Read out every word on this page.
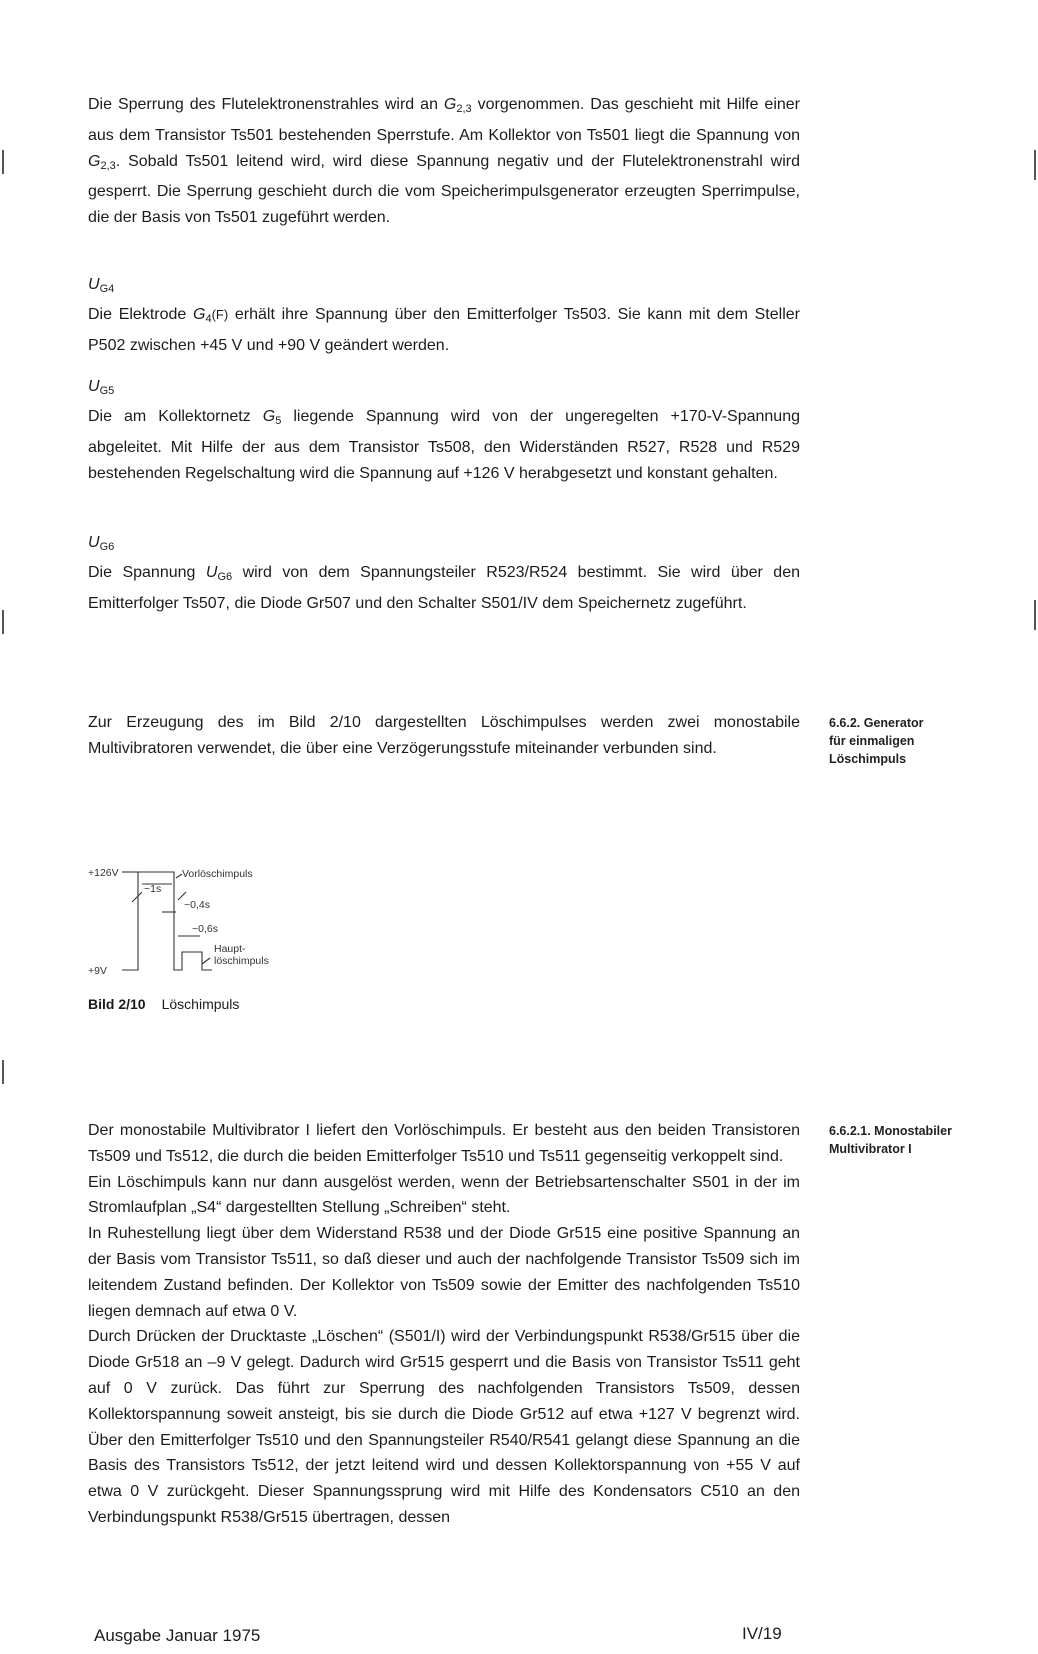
Die Sperrung des Flutelektronenstrahles wird an $G_{2,3}$ vorgenommen. Das geschieht mit Hilfe einer aus dem Transistor Ts501 bestehenden Sperrstufe. Am Kollektor von Ts501 liegt die Spannung von $G_{2,3}$. Sobald Ts501 leitend wird, wird diese Spannung negativ und der Flutelektronenstrahl wird gesperrt. Die Sperrung geschieht durch die vom Speicherimpulsgenerator erzeugten Sperrimpulse, die der Basis von Ts501 zugeführt werden.

$U_{G4}$

Die Elektrode $G_4(F)$ erhält ihre Spannung über den Emitterfolger Ts503. Sie kann mit dem Steller P502 zwischen +45 V und +90 V geändert werden.

$U_{G5}$

Die am Kollektornetz $G_5$ liegende Spannung wird von der ungeregelten +170-V-Spannung abgeleitet. Mit Hilfe der aus dem Transistor Ts508, den Widerständen R527, R528 und R529 bestehenden Regelschaltung wird die Spannung auf +126 V herabgesetzt und konstant gehalten.

$U_{G6}$

Die Spannung $U_{G6}$ wird von dem Spannungsteiler R523/R524 bestimmt. Sie wird über den Emitterfolger Ts507, die Diode Gr507 und den Schalter S501/IV dem Speichernetz zugeführt.

Zur Erzeugung des im Bild 2/10 dargestellten Löschimpulses werden zwei monostabile Multivibratoren verwendet, die über eine Verzögerungsstufe miteinander verbunden sind.

6.6.2. Generator
für einmaligen
Löschimpuls
+126V
+9V
~1s
Vorlöschimpuls
~0,4s
~0,6s
Haupt-
löschimpuls
Bild 2/10 Löschimpuls
6.6.2.1. Monostabiler
Multivibrator I

Der monostabile Multivibrator I liefert den Vorlöschimpuls. Er besteht aus den beiden Transistoren Ts509 und Ts512, die durch die beiden Emitterfolger Ts510 und Ts511 gegenseitig verkoppelt sind.

Ein Löschimpuls kann nur dann ausgelöst werden, wenn der Betriebsartenschalter S501 in der im Stromlaufplan „S4“ dargestellten Stellung „Schreiben“ steht.

In Ruhestellung liegt über dem Widerstand R538 und der Diode Gr515 eine positive Spannung an der Basis vom Transistor Ts511, so daß dieser und auch der nachfolgende Transistor Ts509 sich im leitendem Zustand befinden. Der Kollektor von Ts509 sowie der Emitter des nachfolgenden Ts510 liegen demnach auf etwa 0 V.

Durch Drücken der Drucktaste „Löschen“ (S501/I) wird der Verbindungspunkt R538/Gr515 über die Diode Gr518 an –9 V gelegt. Dadurch wird Gr515 gesperrt und die Basis von Transistor Ts511 geht auf 0 V zurück. Das führt zur Sperrung des nachfolgenden Transistors Ts509, dessen Kollektorspannung soweit ansteigt, bis sie durch die Diode Gr512 auf etwa +127 V begrenzt wird. Über den Emitterfolger Ts510 und den Spannungsteiler R540/R541 gelangt diese Spannung an die Basis des Transistors Ts512, der jetzt leitend wird und dessen Kollektorspannung von +55 V auf etwa 0 V zurückgeht. Dieser Spannungssprung wird mit Hilfe des Kondensators C510 an den Verbindungspunkt R538/Gr515 übertragen, dessen

Ausgabe Januar 1975	IV/19
